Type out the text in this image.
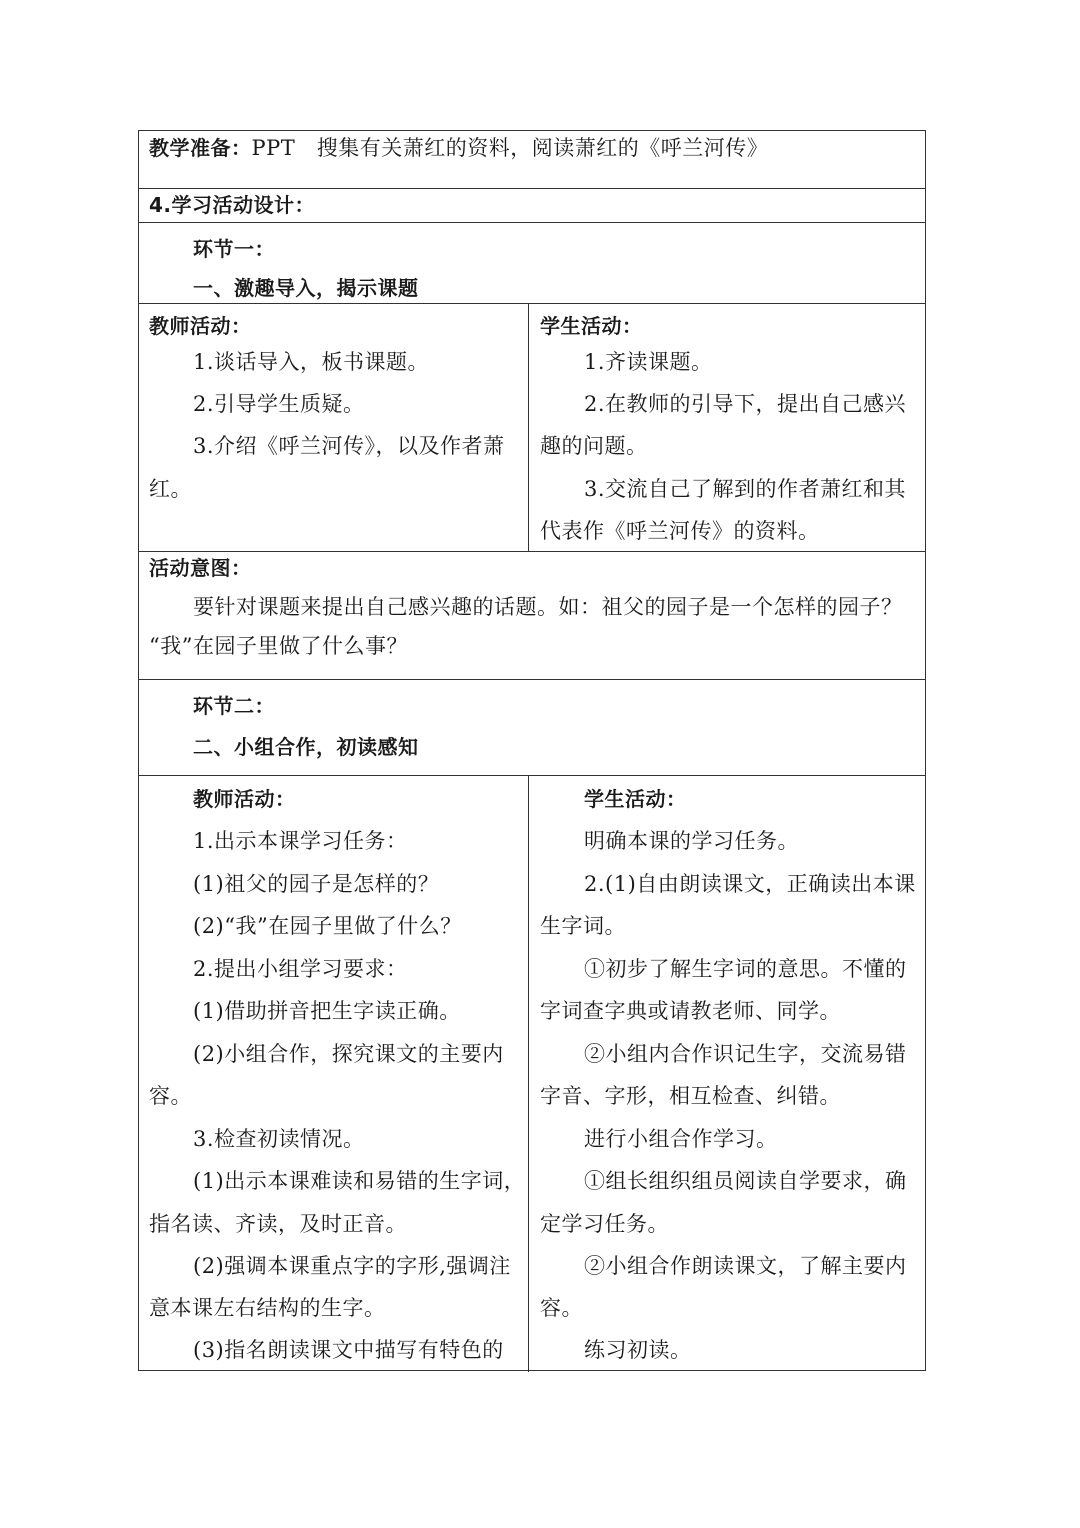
教学准备：PPT　搜集有关萧红的资料，阅读萧红的《呼兰河传》
4.学习活动设计：
环节一：
一、激趣导入，揭示课题
教师活动：
1.谈话导入，板书课题。
2.引导学生质疑。
3.介绍《呼兰河传》，以及作者萧
红。
学生活动：
1.齐读课题。
2.在教师的引导下，提出自己感兴
趣的问题。
3.交流自己了解到的作者萧红和其
代表作《呼兰河传》的资料。
活动意图：
要针对课题来提出自己感兴趣的话题。如：祖父的园子是一个怎样的园子？
“我”在园子里做了什么事？
环节二：
二、小组合作，初读感知
教师活动：
1.出示本课学习任务：
(1)祖父的园子是怎样的？
(2)“我”在园子里做了什么？
2.提出小组学习要求：
(1)借助拼音把生字读正确。
(2)小组合作，探究课文的主要内
容。
3.检查初读情况。
(1)出示本课难读和易错的生字词，
指名读、齐读，及时正音。
(2)强调本课重点字的字形,强调注
意本课左右结构的生字。
(3)指名朗读课文中描写有特色的
学生活动：
明确本课的学习任务。
2.(1)自由朗读课文，正确读出本课
生字词。
①初步了解生字词的意思。不懂的
字词查字典或请教老师、同学。
②小组内合作识记生字，交流易错
字音、字形，相互检查、纠错。
进行小组合作学习。
①组长组织组员阅读自学要求，确
定学习任务。
②小组合作朗读课文，了解主要内
容。
练习初读。
